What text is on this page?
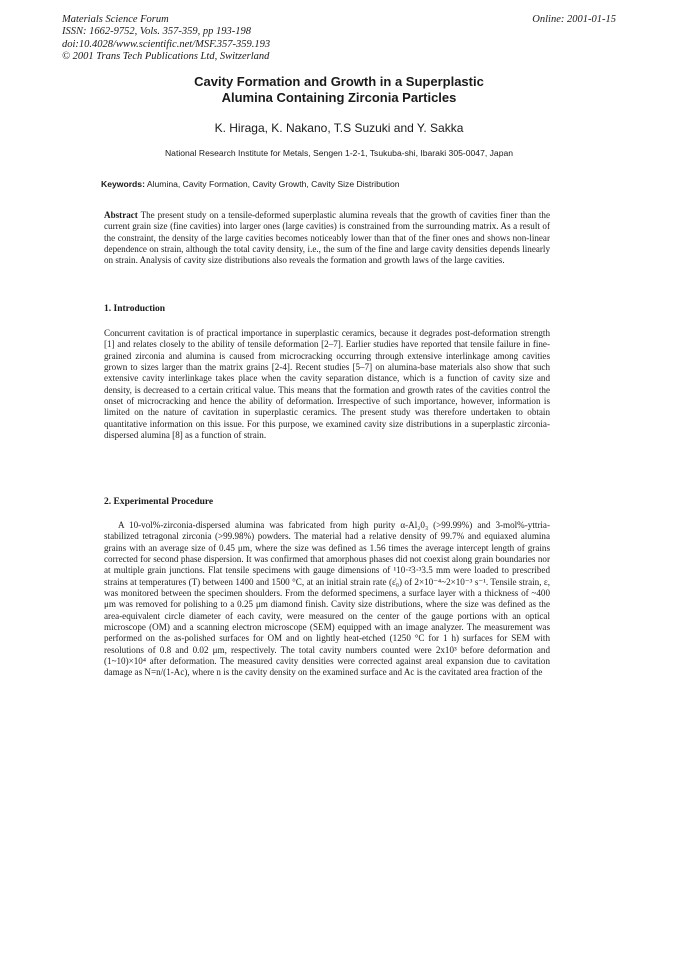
Materials Science Forum
ISSN: 1662-9752, Vols. 357-359, pp 193-198
doi:10.4028/www.scientific.net/MSF.357-359.193
© 2001 Trans Tech Publications Ltd, Switzerland
Online: 2001-01-15
Cavity Formation and Growth in a Superplastic
Alumina Containing Zirconia Particles
K. Hiraga, K. Nakano, T.S Suzuki and Y. Sakka
National Research Institute for Metals, Sengen 1-2-1, Tsukuba-shi, Ibaraki 305-0047, Japan
Keywords: Alumina, Cavity Formation, Cavity Growth, Cavity Size Distribution
Abstract The present study on a tensile-deformed superplastic alumina reveals that the growth of cavities finer than the current grain size (fine cavities) into larger ones (large cavities) is constrained from the surrounding matrix. As a result of the constraint, the density of the large cavities becomes noticeably lower than that of the finer ones and shows non-linear dependence on strain, although the total cavity density, i.e., the sum of the fine and large cavity densities depends linearly on strain. Analysis of cavity size distributions also reveals the formation and growth laws of the large cavities.
1. Introduction
Concurrent cavitation is of practical importance in superplastic ceramics, because it degrades post-deformation strength [1] and relates closely to the ability of tensile deformation [2–7]. Earlier studies have reported that tensile failure in fine-grained zirconia and alumina is caused from microcracking occurring through extensive interlinkage among cavities grown to sizes larger than the matrix grains [2-4]. Recent studies [5–7] on alumina-base materials also show that such extensive cavity interlinkage takes place when the cavity separation distance, which is a function of cavity size and density, is decreased to a certain critical value. This means that the formation and growth rates of the cavities control the onset of microcracking and hence the ability of deformation. Irrespective of such importance, however, information is limited on the nature of cavitation in superplastic ceramics. The present study was therefore undertaken to obtain quantitative information on this issue. For this purpose, we examined cavity size distributions in a superplastic zirconia-dispersed alumina [8] as a function of strain.
2. Experimental Procedure
A 10-vol%-zirconia-dispersed alumina was fabricated from high purity α-Al₂0₃ (>99.99%) and 3-mol%-yttria-stabilized tetragonal zirconia (>99.98%) powders. The material had a relative density of 99.7% and equiaxed alumina grains with an average size of 0.45 μm, where the size was defined as 1.56 times the average intercept length of grains corrected for second phase dispersion. It was confirmed that amorphous phases did not coexist along grain boundaries nor at multiple grain junctions. Flat tensile specimens with gauge dimensions of ¹10·²3·³3.5 mm were loaded to prescribed strains at temperatures (T) between 1400 and 1500 °C, at an initial strain rate (ε̇₀) of 2×10⁻⁴~2×10⁻³ s⁻¹. Tensile strain, ε, was monitored between the specimen shoulders. From the deformed specimens, a surface layer with a thickness of ~400 μm was removed for polishing to a 0.25 μm diamond finish. Cavity size distributions, where the size was defined as the area-equivalent circle diameter of each cavity, were measured on the center of the gauge portions with an optical microscope (OM) and a scanning electron microscope (SEM) equipped with an image analyzer. The measurement was performed on the as-polished surfaces for OM and on lightly heat-etched (1250 °C for 1 h) surfaces for SEM with resolutions of 0.8 and 0.02 μm, respectively. The total cavity numbers counted were 2x10³ before deformation and (1~10)×10⁴ after deformation. The measured cavity densities were corrected against areal expansion due to cavitation damage as N=n/(1-Ac), where n is the cavity density on the examined surface and Ac is the cavitated area fraction of the
